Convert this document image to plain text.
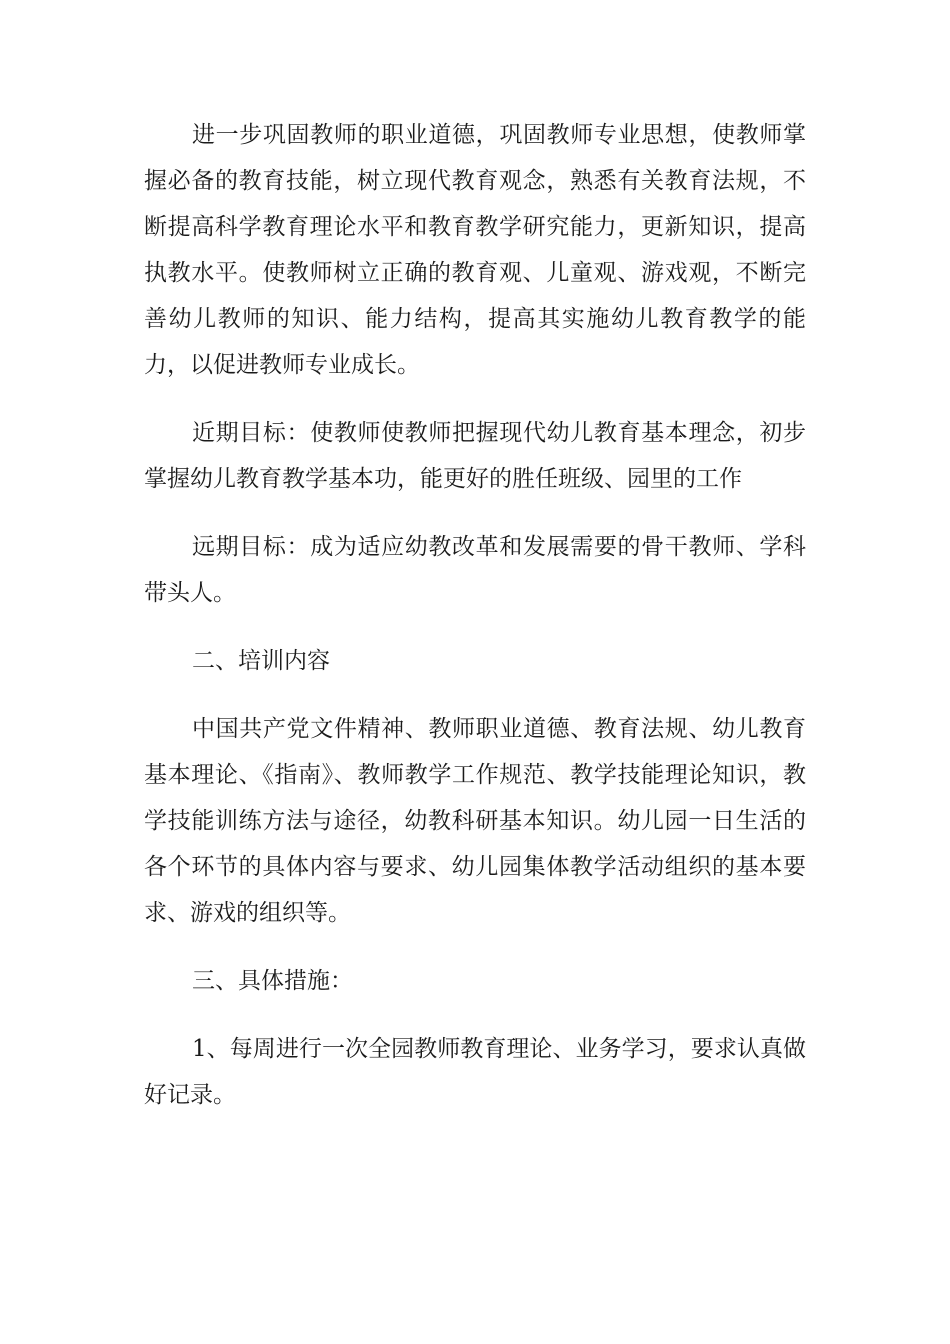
进一步巩固教师的职业道德，巩固教师专业思想，使教师掌握必备的教育技能，树立现代教育观念，熟悉有关教育法规，不断提高科学教育理论水平和教育教学研究能力，更新知识，提高执教水平。使教师树立正确的教育观、儿童观、游戏观，不断完善幼儿教师的知识、能力结构，提高其实施幼儿教育教学的能力，以促进教师专业成长。

近期目标：使教师使教师把握现代幼儿教育基本理念，初步掌握幼儿教育教学基本功，能更好的胜任班级、园里的工作

远期目标：成为适应幼教改革和发展需要的骨干教师、学科带头人。

二、培训内容

中国共产党文件精神、教师职业道德、教育法规、幼儿教育基本理论、《指南》、教师教学工作规范、教学技能理论知识，教学技能训练方法与途径，幼教科研基本知识。幼儿园一日生活的各个环节的具体内容与要求、幼儿园集体教学活动组织的基本要求、游戏的组织等。

三、具体措施：

1、每周进行一次全园教师教育理论、业务学习，要求认真做好记录。
